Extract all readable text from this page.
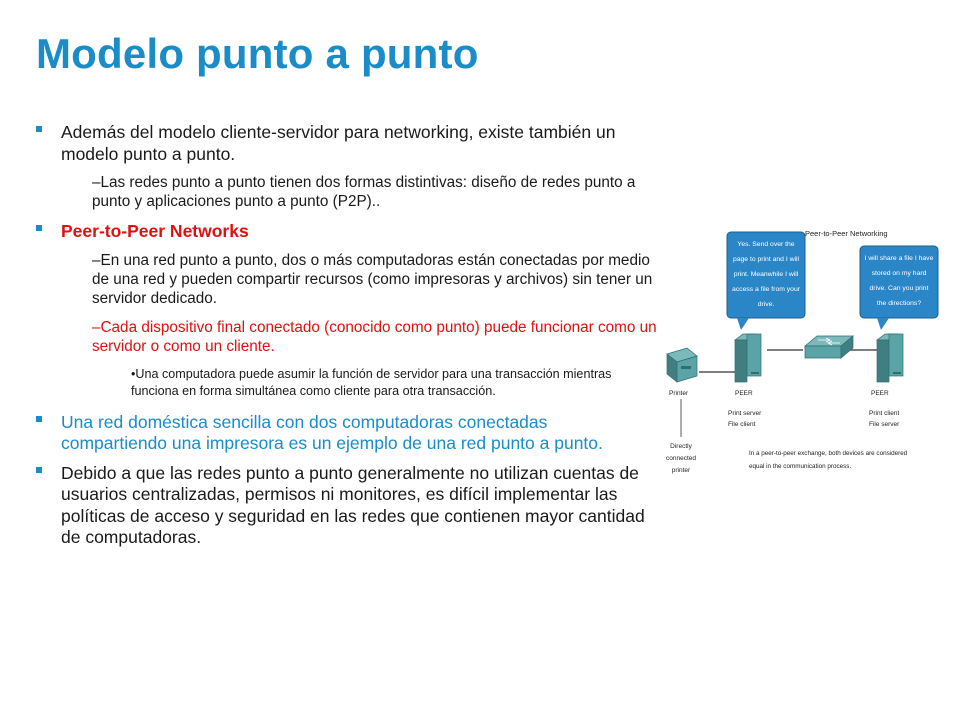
Modelo punto a punto
Además del modelo cliente-servidor para networking, existe también un modelo punto a punto.
–Las redes punto a punto tienen dos formas distintivas: diseño de redes punto a punto y aplicaciones punto a punto (P2P)..
Peer-to-Peer Networks
–En una red punto a punto, dos o más computadoras están conectadas por medio de una red y pueden compartir recursos (como impresoras y archivos) sin tener un servidor dedicado.
–Cada dispositivo final conectado (conocido como punto) puede funcionar como un servidor o como un cliente.
•Una computadora puede asumir la función de servidor para una transacción mientras funciona en forma simultánea como cliente para otra transacción.
Una red doméstica sencilla con dos computadoras conectadas compartiendo una impresora es un ejemplo de una red punto a punto.
Debido a que las redes punto a punto generalmente no utilizan cuentas de usuarios centralizadas, permisos ni monitores, es difícil implementar las políticas de acceso y seguridad en las redes que contienen mayor cantidad de computadoras.
Peer-to-Peer Networking
Yes. Send over the
page to print and I will
print. Meanwhile I will
access a file from your
drive.
I will share a file I have
stored on my hard
drive. Can you print
the directions?
Printer
Directly
connected
printer
PEER
Print server
File client
PEER
Print client
File server
In a peer-to-peer exchange, both devices are considered
equal in the communication process.
